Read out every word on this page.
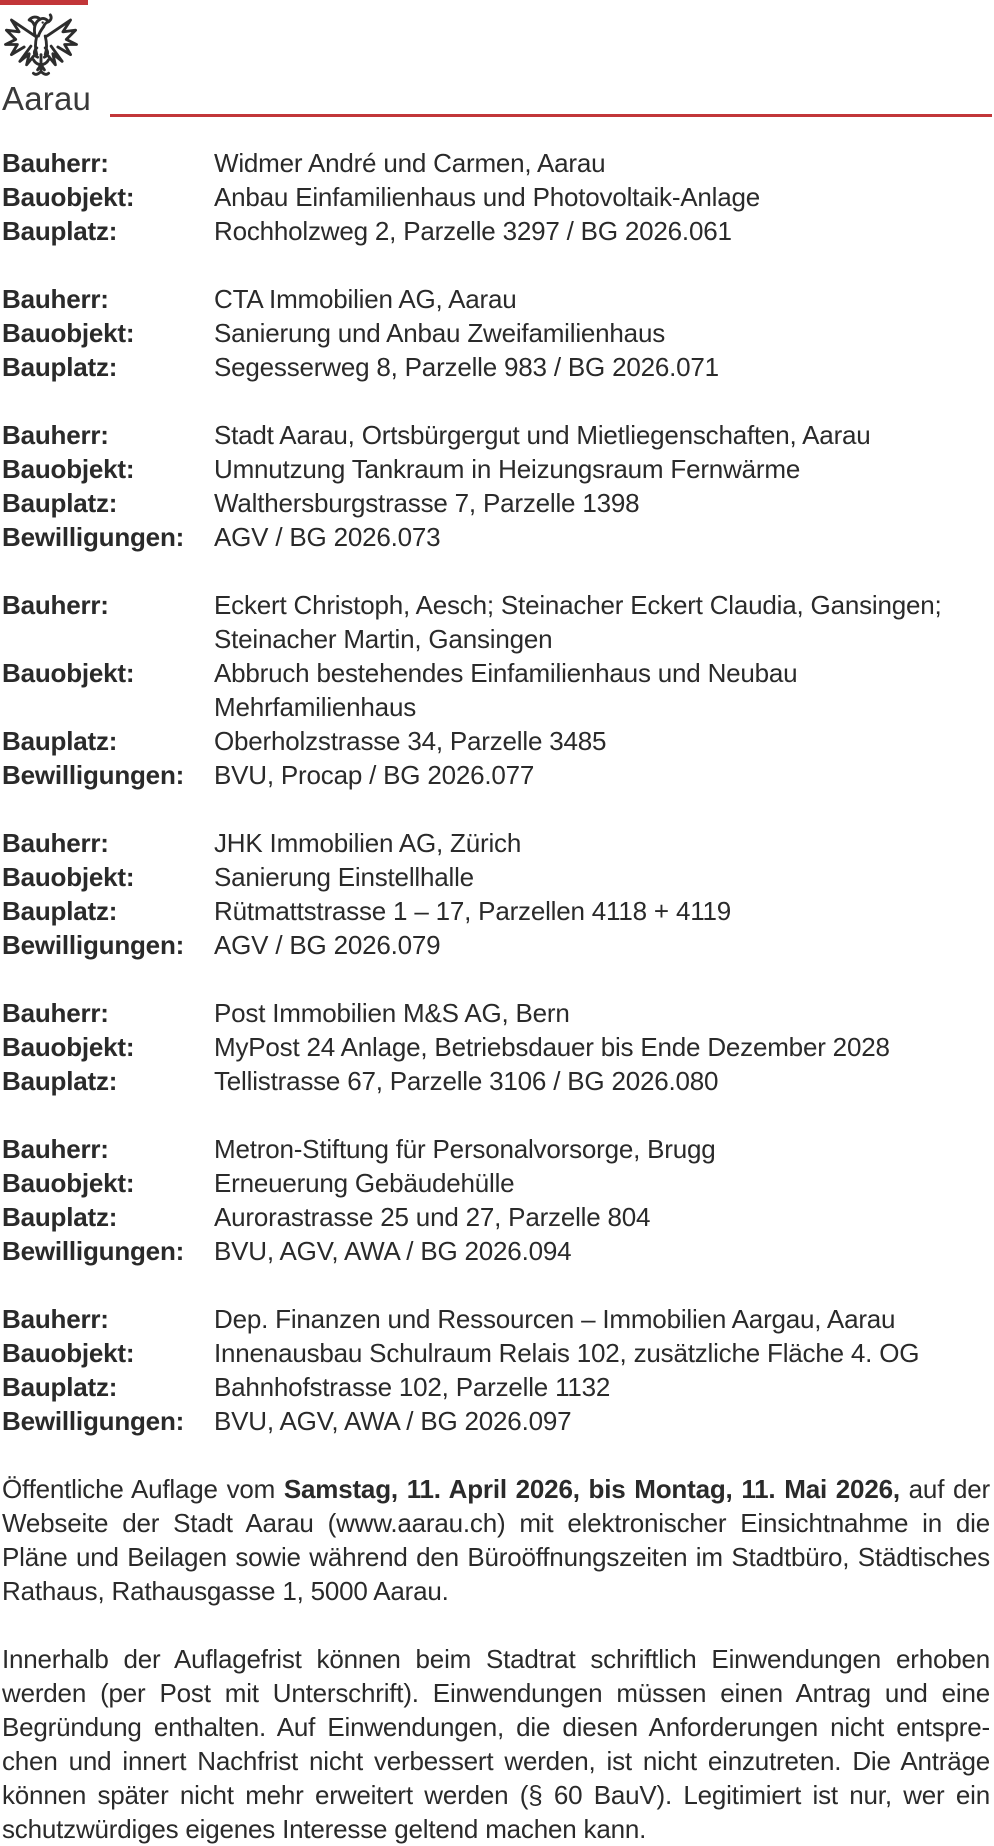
Aarau
Bauherr:	Widmer André und Carmen, Aarau
Bauobjekt:	Anbau Einfamilienhaus und Photovoltaik-Anlage
Bauplatz:	Rochholzweg 2, Parzelle 3297 / BG 2026.061
Bauherr:	CTA Immobilien AG, Aarau
Bauobjekt:	Sanierung und Anbau Zweifamilienhaus
Bauplatz:	Segesserweg 8, Parzelle 983 / BG 2026.071
Bauherr:	Stadt Aarau, Ortsbürgergut und Mietliegenschaften, Aarau
Bauobjekt:	Umnutzung Tankraum in Heizungsraum Fernwärme
Bauplatz:	Walthersburgstrasse 7, Parzelle 1398
Bewilligungen:	AGV / BG 2026.073
Bauherr:	Eckert Christoph, Aesch; Steinacher Eckert Claudia, Gansingen;
Steinacher Martin, Gansingen
Bauobjekt:	Abbruch bestehendes Einfamilienhaus und Neubau
Mehrfamilienhaus
Bauplatz:	Oberholzstrasse 34, Parzelle 3485
Bewilligungen:	BVU, Procap / BG 2026.077
Bauherr:	JHK Immobilien AG, Zürich
Bauobjekt:	Sanierung Einstellhalle
Bauplatz:	Rütmattstrasse 1 – 17, Parzellen 4118 + 4119
Bewilligungen:	AGV / BG 2026.079
Bauherr:	Post Immobilien M&S AG, Bern
Bauobjekt:	MyPost 24 Anlage, Betriebsdauer bis Ende Dezember 2028
Bauplatz:	Tellistrasse 67, Parzelle 3106 / BG 2026.080
Bauherr:	Metron-Stiftung für Personalvorsorge, Brugg
Bauobjekt:	Erneuerung Gebäudehülle
Bauplatz:	Aurorastrasse 25 und 27, Parzelle 804
Bewilligungen:	BVU, AGV, AWA / BG 2026.094
Bauherr:	Dep. Finanzen und Ressourcen – Immobilien Aargau, Aarau
Bauobjekt:	Innenausbau Schulraum Relais 102, zusätzliche Fläche 4. OG
Bauplatz:	Bahnhofstrasse 102, Parzelle 1132
Bewilligungen:	BVU, AGV, AWA / BG 2026.097
Öffentliche Auflage vom Samstag, 11. April 2026, bis Montag, 11. Mai 2026, auf der
Webseite der Stadt Aarau (www.aarau.ch) mit elektronischer Einsichtnahme in die
Pläne und Beilagen sowie während den Büroöffnungszeiten im Stadtbüro, Städtisches
Rathaus, Rathausgasse 1, 5000 Aarau.
Innerhalb der Auflagefrist können beim Stadtrat schriftlich Einwendungen erhoben
werden (per Post mit Unterschrift). Einwendungen müssen einen Antrag und eine
Begründung enthalten. Auf Einwendungen, die diesen Anforderungen nicht entspre-
chen und innert Nachfrist nicht verbessert werden, ist nicht einzutreten. Die Anträge
können später nicht mehr erweitert werden (§ 60 BauV). Legitimiert ist nur, wer ein
schutzwürdiges eigenes Interesse geltend machen kann.
